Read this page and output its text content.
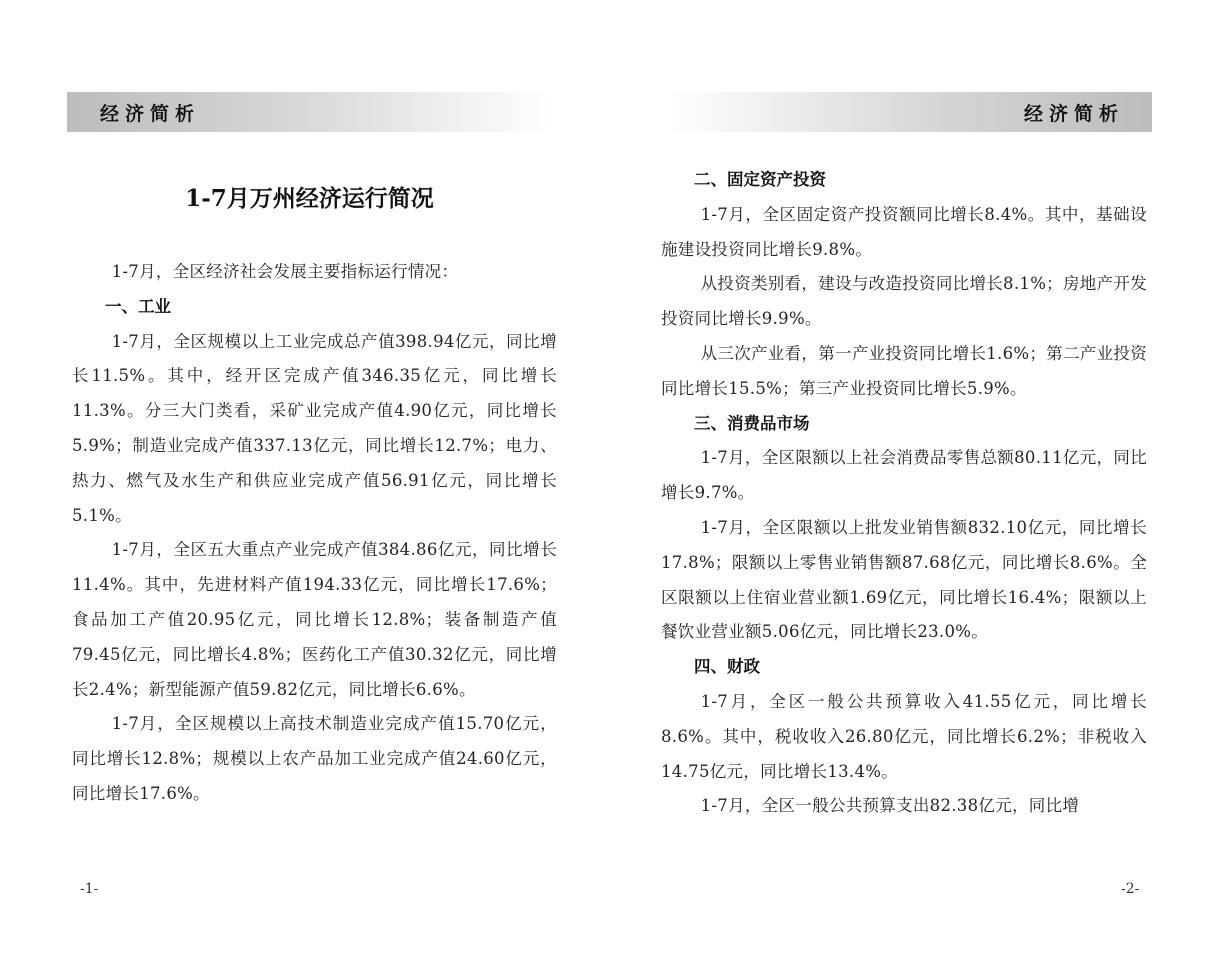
经济简析
1-7月万州经济运行简况

1-7月，全区经济社会发展主要指标运行情况：

一、工业

1-7月，全区规模以上工业完成总产值398.94亿元，同比增长11.5%。其中，经开区完成产值346.35亿元，同比增长11.3%。分三大门类看，采矿业完成产值4.90亿元，同比增长5.9%；制造业完成产值337.13亿元，同比增长12.7%；电力、热力、燃气及水生产和供应业完成产值56.91亿元，同比增长5.1%。

1-7月，全区五大重点产业完成产值384.86亿元，同比增长11.4%。其中，先进材料产值194.33亿元，同比增长17.6%；食品加工产值20.95亿元，同比增长12.8%；装备制造产值79.45亿元，同比增长4.8%；医药化工产值30.32亿元，同比增长2.4%；新型能源产值59.82亿元，同比增长6.6%。

1-7月，全区规模以上高技术制造业完成产值15.70亿元，同比增长12.8%；规模以上农产品加工业完成产值24.60亿元，同比增长17.6%。

-1-
经济简析

二、固定资产投资

1-7月，全区固定资产投资额同比增长8.4%。其中，基础设施建设投资同比增长9.8%。

从投资类别看，建设与改造投资同比增长8.1%；房地产开发投资同比增长9.9%。

从三次产业看，第一产业投资同比增长1.6%；第二产业投资同比增长15.5%；第三产业投资同比增长5.9%。

三、消费品市场

1-7月，全区限额以上社会消费品零售总额80.11亿元，同比增长9.7%。

1-7月，全区限额以上批发业销售额832.10亿元，同比增长17.8%；限额以上零售业销售额87.68亿元，同比增长8.6%。全区限额以上住宿业营业额1.69亿元，同比增长16.4%；限额以上餐饮业营业额5.06亿元，同比增长23.0%。

四、财政

1-7月，全区一般公共预算收入41.55亿元，同比增长8.6%。其中，税收收入26.80亿元，同比增长6.2%；非税收入14.75亿元，同比增长13.4%。

1-7月，全区一般公共预算支出82.38亿元，同比增

-2-
